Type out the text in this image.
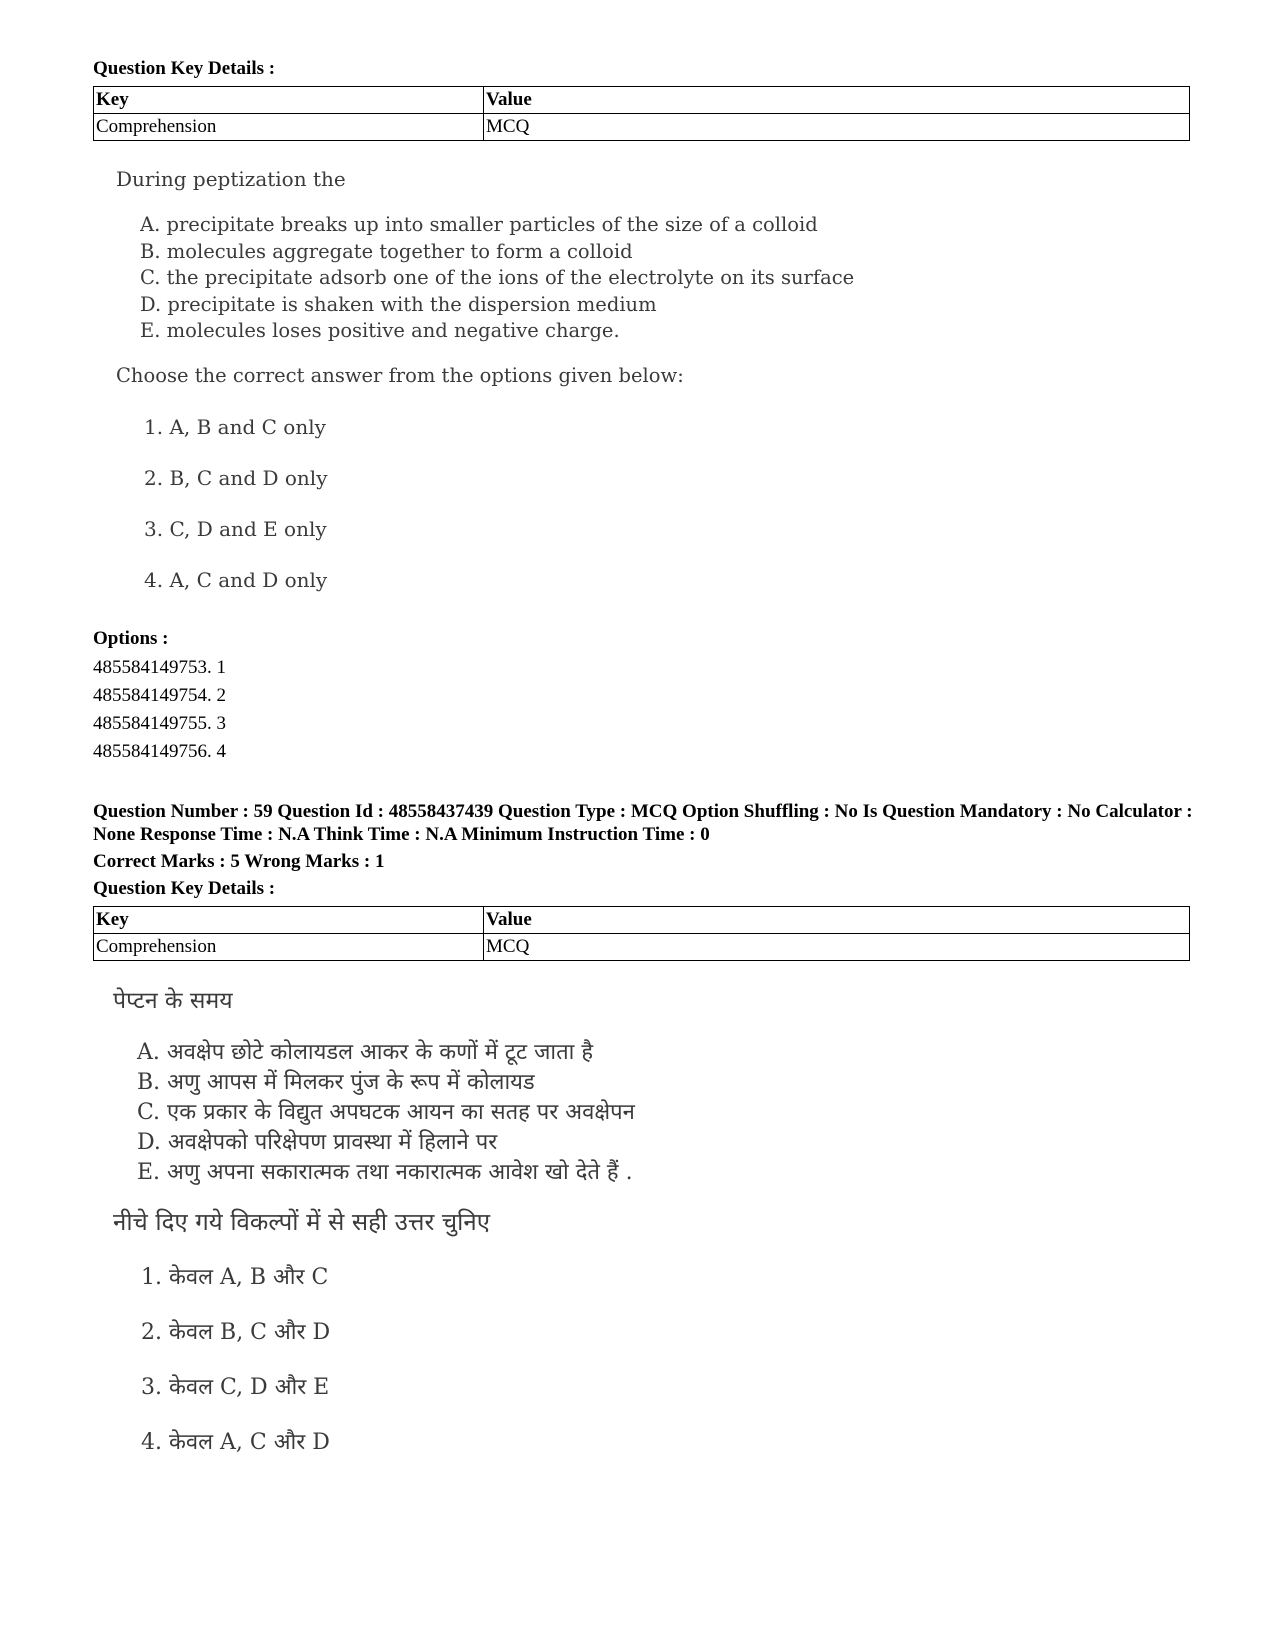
Question Key Details :
Key	Value
Comprehension	MCQ
During peptization the
A. precipitate breaks up into smaller particles of the size of a colloid
B. molecules aggregate together to form a colloid
C. the precipitate adsorb one of the ions of the electrolyte on its surface
D. precipitate is shaken with the dispersion medium
E. molecules loses positive and negative charge.
Choose the correct answer from the options given below:
1. A, B and C only
2. B, C and D only
3. C, D and E only
4. A, C and D only
Options :
485584149753. 1
485584149754. 2
485584149755. 3
485584149756. 4
Question Number : 59 Question Id : 48558437439 Question Type : MCQ Option Shuffling : No Is Question Mandatory : No Calculator : None Response Time : N.A Think Time : N.A Minimum Instruction Time : 0
Correct Marks : 5 Wrong Marks : 1
Question Key Details :
Key	Value
Comprehension	MCQ
पेप्टन के समय
A. अवक्षेप छोटे कोलायडल आकर के कणों में टूट जाता है
B. अणु आपस में मिलकर पुंज के रूप में कोलायड
C. एक प्रकार के विद्युत अपघटक आयन का सतह पर अवक्षेपन
D. अवक्षेपको परिक्षेपण प्रावस्था में हिलाने पर
E. अणु अपना सकारात्मक तथा नकारात्मक आवेश खो देते हैं .
नीचे दिए गये विकल्पों में से सही उत्तर चुनिए
1. केवल A, B और C
2. केवल B, C और D
3. केवल C, D और E
4. केवल A, C और D
